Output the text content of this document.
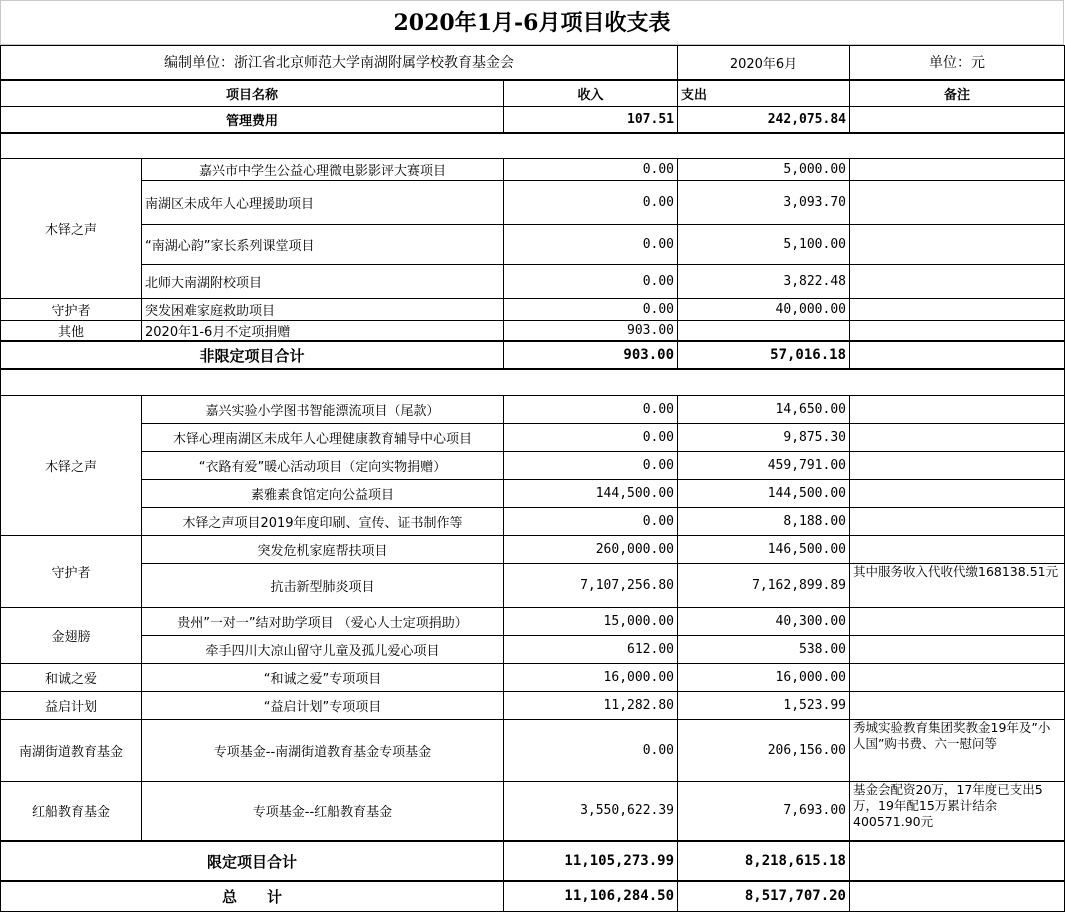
2020年1月-6月项目收支表
编制单位：浙江省北京师范大学南湖附属学校教育基金会			2020年6月	单位：元
项目名称		收入	支出	备注
管理费用		107.51	242,075.84	

木铎之声	嘉兴市中学生公益心理微电影影评大赛项目	0.00	5,000.00	
	南湖区未成年人心理援助项目	0.00	3,093.70	
	“南湖心韵”家长系列课堂项目	0.00	5,100.00	
	北师大南湖附校项目	0.00	3,822.48	
守护者	突发困难家庭救助项目	0.00	40,000.00	
其他	2020年1-6月不定项捐赠	903.00		
非限定项目合计		903.00	57,016.18	

木铎之声	嘉兴实验小学图书智能漂流项目（尾款）	0.00	14,650.00	
	木铎心理南湖区未成年人心理健康教育辅导中心项目	0.00	9,875.30	
	“衣路有爱”暖心活动项目（定向实物捐赠）	0.00	459,791.00	
	素雅素食馆定向公益项目	144,500.00	144,500.00	
	木铎之声项目2019年度印刷、宣传、证书制作等	0.00	8,188.00	
守护者	突发危机家庭帮扶项目	260,000.00	146,500.00	
	抗击新型肺炎项目	7,107,256.80	7,162,899.89	其中服务收入代收代缴168138.51元
金翅膀	贵州”一对一”结对助学项目 （爱心人士定项捐助）	15,000.00	40,300.00	
	牵手四川大凉山留守儿童及孤儿爱心项目	612.00	538.00	
和诚之爱	“和诚之爱”专项项目	16,000.00	16,000.00	
益启计划	“益启计划”专项项目	11,282.80	1,523.99	
南湖街道教育基金	专项基金--南湖街道教育基金专项基金	0.00	206,156.00	秀城实验教育集团奖教金19年及”小人国”购书费、六一慰问等
红船教育基金	专项基金--红船教育基金	3,550,622.39	7,693.00	基金会配资20万，17年度已支出5万，19年配15万累计结余400571.90元
限定项目合计		11,105,273.99	8,218,615.18	
总　　计		11,106,284.50	8,517,707.20	
